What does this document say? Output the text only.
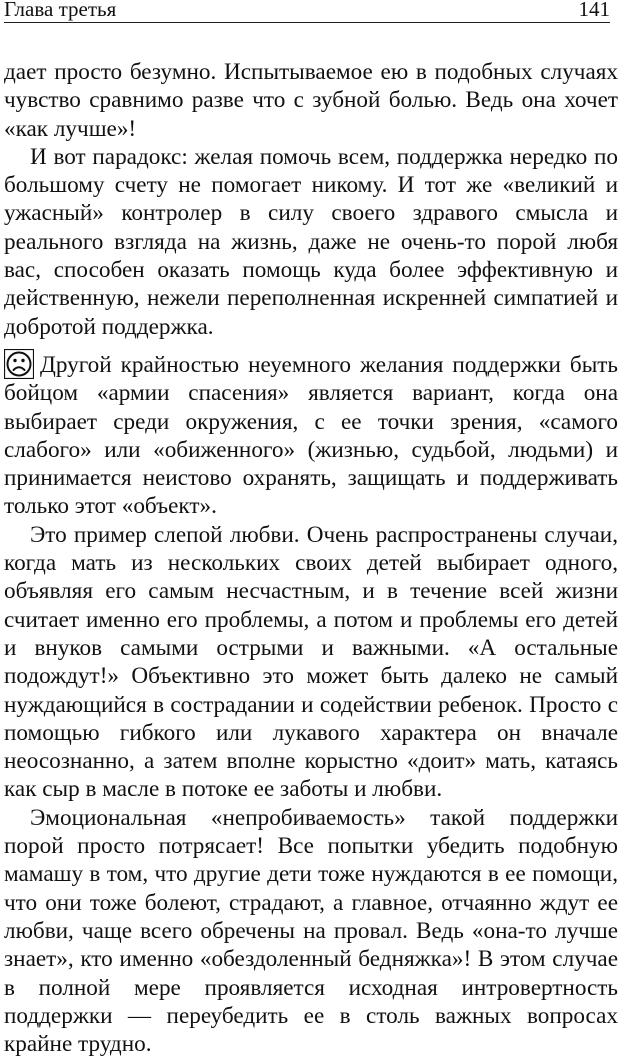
Глава третья	141

дает просто безумно. Испытываемое ею в подобных случаях чувство сравнимо разве что с зубной болью. Ведь она хочет «как лучше»!

И вот парадокс: желая помочь всем, поддержка нередко по большому счету не помогает никому. И тот же «великий и ужасный» контролер в силу своего здравого смысла и реального взгляда на жизнь, даже не очень-то порой любя вас, способен оказать помощь куда более эффективную и действенную, нежели переполненная искренней симпатией и добротой поддержка.

Другой крайностью неуемного желания поддержки быть бойцом «армии спасения» является вариант, когда она выбирает среди окружения, с ее точки зрения, «самого слабого» или «обиженного» (жизнью, судьбой, людьми) и принимается неистово охранять, защищать и поддерживать только этот «объект».

Это пример слепой любви. Очень распространены случаи, когда мать из нескольких своих детей выбирает одного, объявляя его самым несчастным, и в течение всей жизни считает именно его проблемы, а потом и проблемы его детей и внуков самыми острыми и важными. «А остальные подождут!» Объективно это может быть далеко не самый нуждающийся в сострадании и содействии ребенок. Просто с помощью гибкого или лукавого характера он вначале неосознанно, а затем вполне корыстно «доит» мать, катаясь как сыр в масле в потоке ее заботы и любви.

Эмоциональная «непробиваемость» такой поддержки порой просто потрясает! Все попытки убедить подобную мамашу в том, что другие дети тоже нуждаются в ее помощи, что они тоже болеют, страдают, а главное, отчаянно ждут ее любви, чаще всего обречены на провал. Ведь «она-то лучше знает», кто именно «обездоленный бедняжка»! В этом случае в полной мере проявляется исходная интровертность поддержки — переубедить ее в столь важных вопросах крайне трудно.
